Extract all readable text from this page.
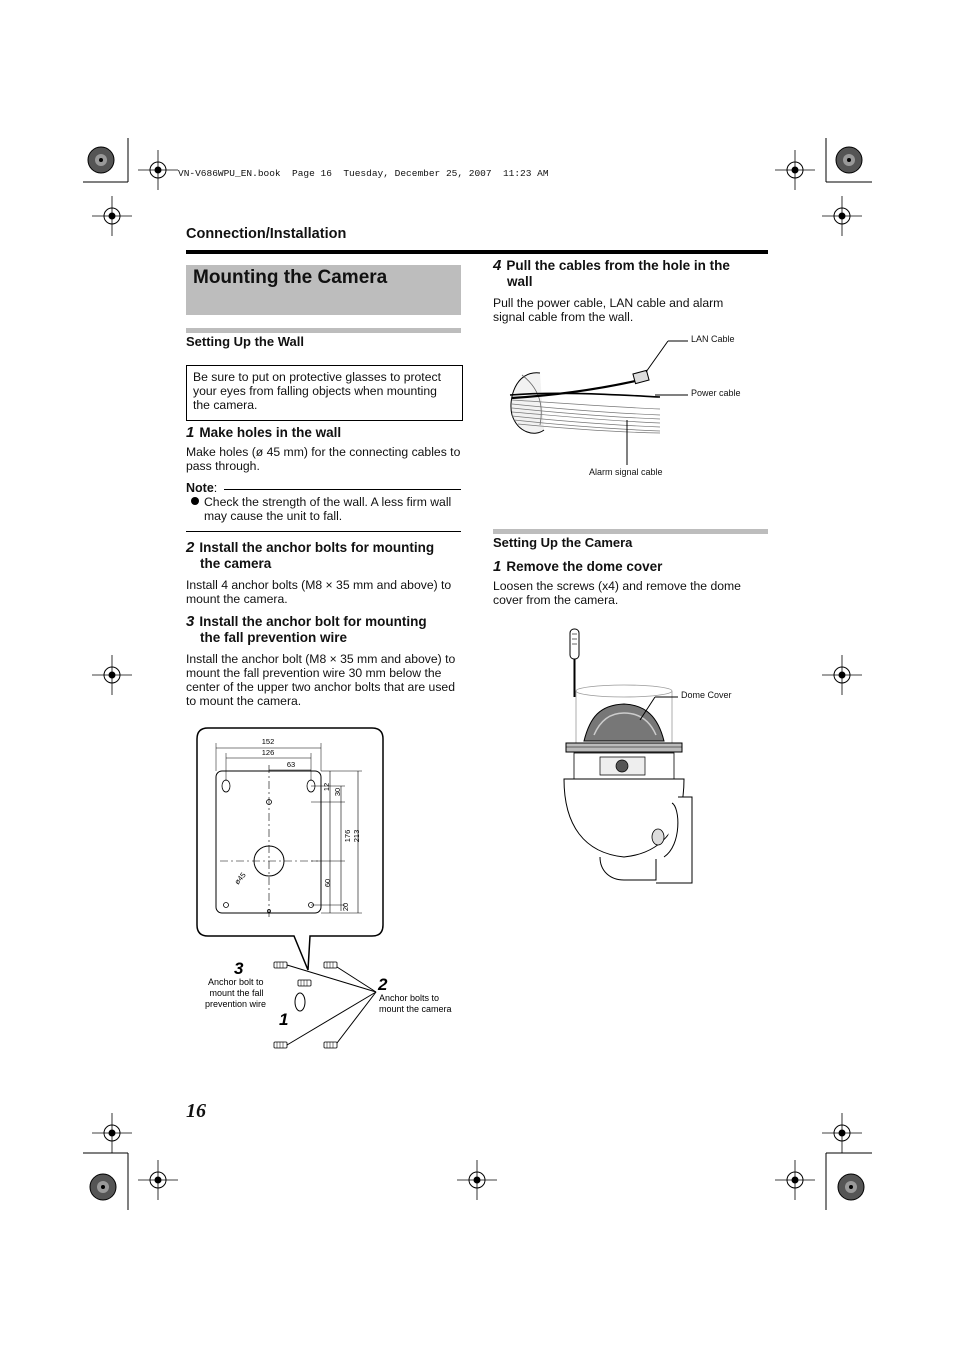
VN-V686WPU_EN.book  Page 16  Tuesday, December 25, 2007  11:23 AM
Connection/Installation
Mounting the Camera
Setting Up the Wall
Be sure to put on protective glasses to protect your eyes from falling objects when mounting the camera.
1 Make holes in the wall
Make holes (ø 45 mm) for the connecting cables to pass through.
Note:
Check the strength of the wall. A less firm wall may cause the unit to fall.
2 Install the anchor bolts for mounting
the camera
Install 4 anchor bolts (M8 × 35 mm and above) to mount the camera.
3 Install the anchor bolt for mounting
the fall prevention wire
Install the anchor bolt (M8 × 35 mm and above) to mount the fall prevention wire 30 mm below the center of the upper two anchor bolts that are used to mount the camera.
152
126
63
12
30
176 213
60
20
ø45
3
2
1
Anchor bolt to mount the fall prevention wire
Anchor bolts to mount the camera
4 Pull the cables from the hole in the
wall
Pull the power cable, LAN cable and alarm signal cable from the wall.
LAN Cable
Power cable
Alarm signal cable
Setting Up the Camera
1 Remove the dome cover
Loosen the screws (x4) and remove the dome cover from the camera.
Dome Cover
16
